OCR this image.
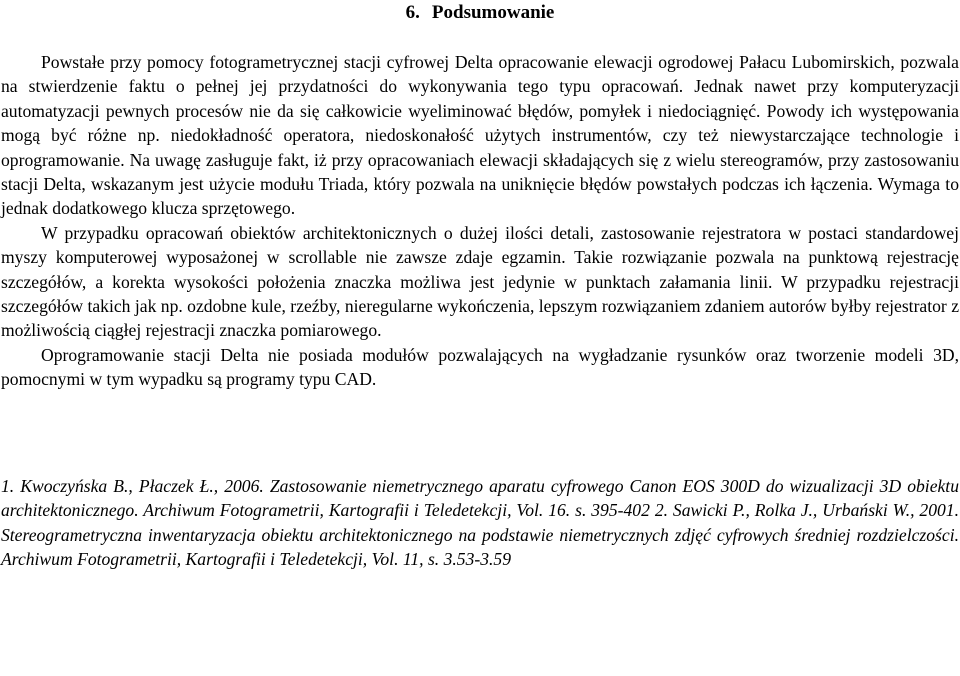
6. Podsumowanie

Powstałe przy pomocy fotogrametrycznej stacji cyfrowej Delta opracowanie elewacji ogrodowej Pałacu Lubomirskich, pozwala na stwierdzenie faktu o pełnej jej przydatności do wykonywania tego typu opracowań. Jednak nawet przy komputeryzacji automatyzacji pewnych procesów nie da się całkowicie wyeliminować błędów, pomyłek i niedociągnięć. Powody ich występowania mogą być różne np. niedokładność operatora, niedoskonałość użytych instrumentów, czy też niewystarczające technologie i oprogramowanie. Na uwagę zasługuje fakt, iż przy opracowaniach elewacji składających się z wielu stereogramów, przy zastosowaniu stacji Delta, wskazanym jest użycie modułu Triada, który pozwala na uniknięcie błędów powstałych podczas ich łączenia. Wymaga to jednak dodatkowego klucza sprzętowego.

W przypadku opracowań obiektów architektonicznych o dużej ilości detali, zastosowanie rejestratora w postaci standardowej myszy komputerowej wyposażonej w scrollable nie zawsze zdaje egzamin. Takie rozwiązanie pozwala na punktową rejestrację szczegółów, a korekta wysokości położenia znaczka możliwa jest jedynie w punktach załamania linii. W przypadku rejestracji szczegółów takich jak np. ozdobne kule, rzeźby, nieregularne wykończenia, lepszym rozwiązaniem zdaniem autorów byłby rejestrator z możliwością ciągłej rejestracji znaczka pomiarowego.

Oprogramowanie stacji Delta nie posiada modułów pozwalających na wygładzanie rysunków oraz tworzenie modeli 3D, pomocnymi w tym wypadku są programy typu CAD.

1. Kwoczyńska B., Płaczek Ł., 2006. Zastosowanie niemetrycznego aparatu cyfrowego Canon EOS 300D do wizualizacji 3D obiektu architektonicznego. Archiwum Fotogrametrii, Kartografii i Teledetekcji, Vol. 16. s. 395-402 2. Sawicki P., Rolka J., Urbański W., 2001. Stereogrametryczna inwentaryzacja obiektu architektonicznego na podstawie niemetrycznych zdjęć cyfrowych średniej rozdzielczości. Archiwum Fotogrametrii, Kartografii i Teledetekcji, Vol. 11, s. 3.53-3.59
